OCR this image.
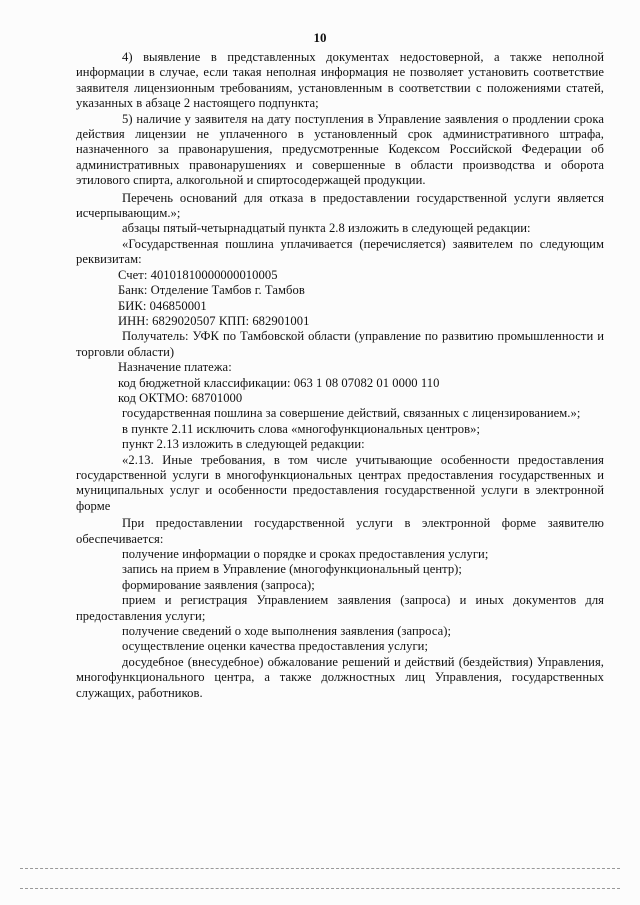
10

4) выявление в представленных документах недостоверной, а также неполной информации в случае, если такая неполная информация не позволяет установить соответствие заявителя лицензионным требованиям, установленным в соответствии с положениями статей, указанных в абзаце 2 настоящего подпункта;

5) наличие у заявителя на дату поступления в Управление заявления о продлении срока действия лицензии не уплаченного в установленный срок административного штрафа, назначенного за правонарушения, предусмотренные Кодексом Российской Федерации об административных правонарушениях и совершенные в области производства и оборота этилового спирта, алкогольной и спиртосодержащей продукции.

Перечень оснований для отказа в предоставлении государственной услуги является исчерпывающим.»;

абзацы пятый-четырнадцатый пункта 2.8 изложить в следующей редакции:

«Государственная пошлина уплачивается (перечисляется) заявителем по следующим реквизитам:

Счет: 40101810000000010005

Банк: Отделение Тамбов г. Тамбов

БИК: 046850001

ИНН: 6829020507 КПП: 682901001

Получатель: УФК по Тамбовской области (управление по развитию промышленности и торговли области)

Назначение платежа:

код бюджетной классификации: 063 1 08 07082 01 0000 110

код ОКТМО: 68701000

государственная пошлина за совершение действий, связанных с лицензированием.»;

в пункте 2.11 исключить слова «многофункциональных центров»;

пункт 2.13 изложить в следующей редакции:

«2.13. Иные требования, в том числе учитывающие особенности предоставления государственной услуги в многофункциональных центрах предоставления государственных и муниципальных услуг и особенности предоставления государственной услуги в электронной форме

При предоставлении государственной услуги в электронной форме заявителю обеспечивается:

получение информации о порядке и сроках предоставления услуги;

запись на прием в Управление (многофункциональный центр);

формирование заявления (запроса);

прием и регистрация Управлением заявления (запроса) и иных документов для предоставления услуги;

получение сведений о ходе выполнения заявления (запроса);

осуществление оценки качества предоставления услуги;

досудебное (внесудебное) обжалование решений и действий (бездействия) Управления, многофункционального центра, а также должностных лиц Управления, государственных служащих, работников.
